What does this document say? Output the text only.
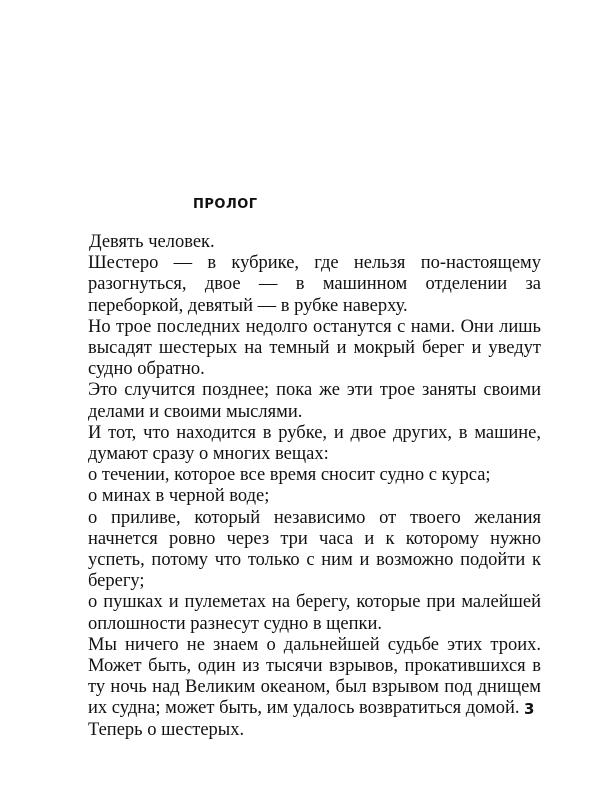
ПРОЛОГ

Девять человек.

Шестеро — в кубрике, где нельзя по-настоящему разогнуться, двое — в машинном отделении за переборкой, девятый — в рубке наверху.

Но трое последних недолго останутся с нами. Они лишь высадят шестерых на темный и мокрый берег и уведут судно обратно.

Это случится позднее; пока же эти трое заняты своими делами и своими мыслями.

И тот, что находится в рубке, и двое других, в машине, думают сразу о многих вещах:

о течении, которое все время сносит судно с курса;

о минах в черной воде;

о приливе, который независимо от твоего желания начнется ровно через три часа и к которому нужно успеть, потому что только с ним и возможно подойти к берегу;

о пушках и пулеметах на берегу, которые при малейшей оплошности разнесут судно в щепки.

Мы ничего не знаем о дальнейшей судьбе этих троих. Может быть, один из тысячи взрывов, прокатившихся в ту ночь над Великим океаном, был взрывом под днищем их судна; может быть, им удалось возвратиться домой.

Теперь о шестерых.

3
